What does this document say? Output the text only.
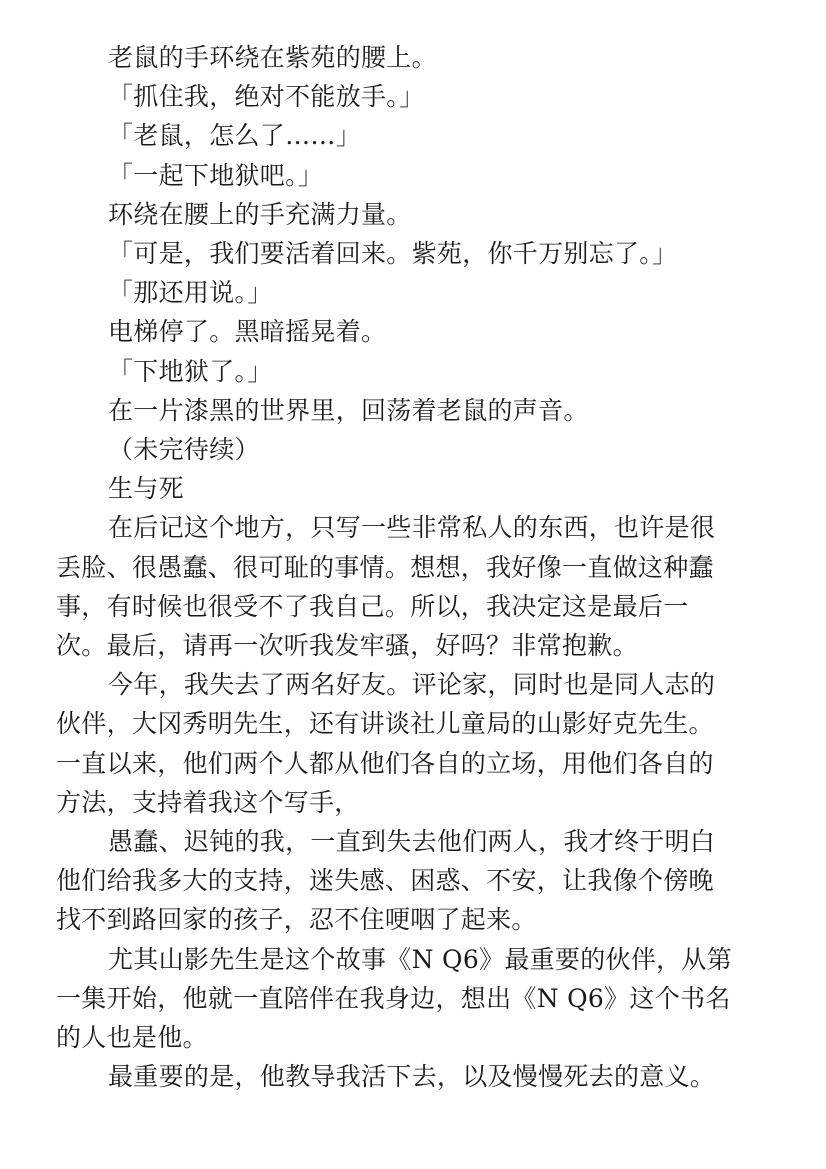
老鼠的手环绕在紫苑的腰上。

「抓住我，绝对不能放手。」

「老鼠，怎么了……」

「一起下地狱吧。」

环绕在腰上的手充满力量。

「可是，我们要活着回来。紫苑，你千万别忘了。」

「那还用说。」

电梯停了。黑暗摇晃着。

「下地狱了。」

在一片漆黑的世界里，回荡着老鼠的声音。

（未完待续）

生与死

在后记这个地方，只写一些非常私人的东西，也许是很
丢脸、很愚蠢、很可耻的事情。想想，我好像一直做这种蠢
事，有时候也很受不了我自己。所以，我决定这是最后一
次。最后，请再一次听我发牢骚，好吗？非常抱歉。

今年，我失去了两名好友。评论家，同时也是同人志的
伙伴，大冈秀明先生，还有讲谈社儿童局的山影好克先生。
一直以来，他们两个人都从他们各自的立场，用他们各自的
方法，支持着我这个写手，

愚蠢、迟钝的我，一直到失去他们两人，我才终于明白
他们给我多大的支持，迷失感、困惑、不安，让我像个傍晚
找不到路回家的孩子，忍不住哽咽了起来。

尤其山影先生是这个故事《N Q6》最重要的伙伴，从第
一集开始，他就一直陪伴在我身边，想出《N Q6》这个书名
的人也是他。

最重要的是，他教导我活下去，以及慢慢死去的意义。
